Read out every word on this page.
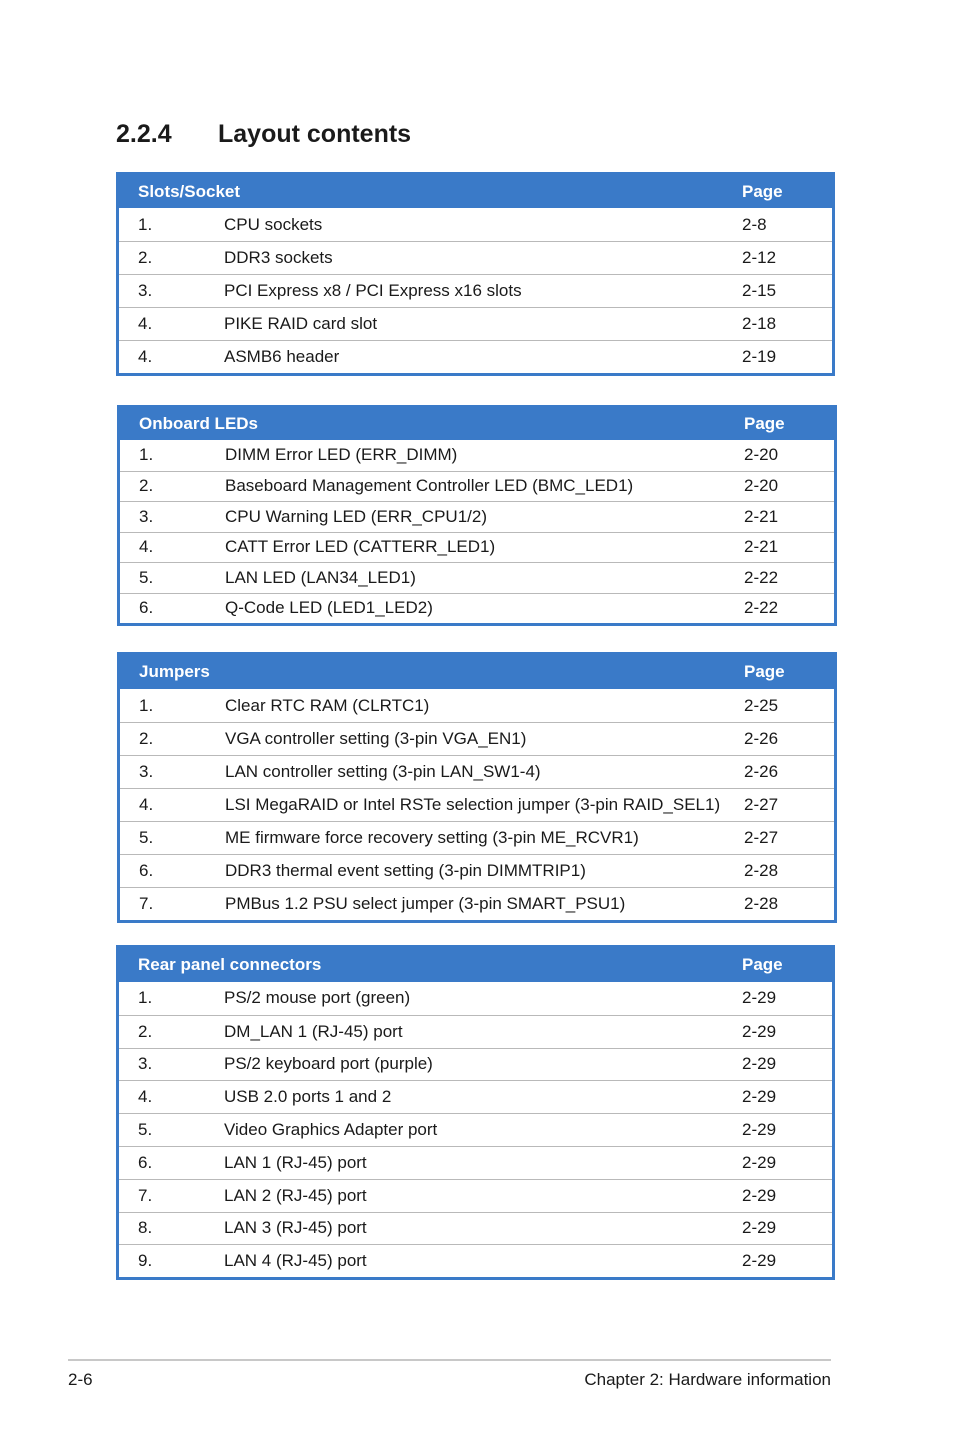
2.2.4 Layout contents
Slots/Socket	Page
1.	CPU sockets	2-8
2.	DDR3 sockets	2-12
3.	PCI Express x8 / PCI Express x16 slots	2-15
4.	PIKE RAID card slot	2-18
4.	ASMB6 header	2-19
Onboard LEDs	Page
1.	DIMM Error LED (ERR_DIMM)	2-20
2.	Baseboard Management Controller LED (BMC_LED1)	2-20
3.	CPU Warning LED (ERR_CPU1/2)	2-21
4.	CATT Error LED (CATTERR_LED1)	2-21
5.	LAN LED (LAN34_LED1)	2-22
6.	Q-Code LED (LED1_LED2)	2-22
Jumpers	Page
1.	Clear RTC RAM (CLRTC1)	2-25
2.	VGA controller setting (3-pin VGA_EN1)	2-26
3.	LAN controller setting (3-pin LAN_SW1-4)	2-26
4.	LSI MegaRAID or Intel RSTe selection jumper (3-pin RAID_SEL1)	2-27
5.	ME firmware force recovery setting (3-pin ME_RCVR1)	2-27
6.	DDR3 thermal event setting (3-pin DIMMTRIP1)	2-28
7.	PMBus 1.2 PSU select jumper (3-pin SMART_PSU1)	2-28
Rear panel connectors	Page
1.	PS/2 mouse port (green)	2-29
2.	DM_LAN 1 (RJ-45) port	2-29
3.	PS/2 keyboard port (purple)	2-29
4.	USB 2.0 ports 1 and 2	2-29
5.	Video Graphics Adapter port	2-29
6.	LAN 1 (RJ-45) port	2-29
7.	LAN 2 (RJ-45) port	2-29
8.	LAN 3 (RJ-45) port	2-29
9.	LAN 4 (RJ-45) port	2-29
2-6	Chapter 2: Hardware information
